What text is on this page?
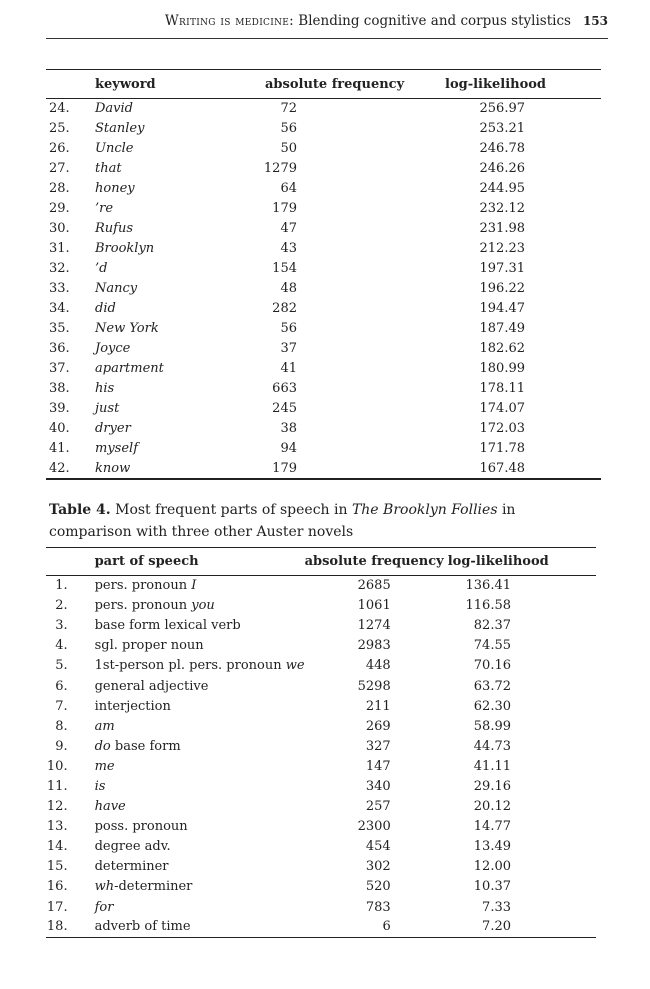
Writing is medicine: Blending cognitive and corpus stylistics 153
	keyword	absolute frequency	log-likelihood
24.	David	72	256.97
25.	Stanley	56	253.21
26.	Uncle	50	246.78
27.	that	1279	246.26
28.	honey	64	244.95
29.	’re	179	232.12
30.	Rufus	47	231.98
31.	Brooklyn	43	212.23
32.	’d	154	197.31
33.	Nancy	48	196.22
34.	did	282	194.47
35.	New York	56	187.49
36.	Joyce	37	182.62
37.	apartment	41	180.99
38.	his	663	178.11
39.	just	245	174.07
40.	dryer	38	172.03
41.	myself	94	171.78
42.	know	179	167.48
Table 4. Most frequent parts of speech in The Brooklyn Follies in comparison with three other Auster novels
	part of speech	absolute frequency	log-likelihood
1.	pers. pronoun I	2685	136.41
2.	pers. pronoun you	1061	116.58
3.	base form lexical verb	1274	82.37
4.	sgl. proper noun	2983	74.55
5.	1st-person pl. pers. pronoun we	448	70.16
6.	general adjective	5298	63.72
7.	interjection	211	62.30
8.	am	269	58.99
9.	do base form	327	44.73
10.	me	147	41.11
11.	is	340	29.16
12.	have	257	20.12
13.	poss. pronoun	2300	14.77
14.	degree adv.	454	13.49
15.	determiner	302	12.00
16.	wh-determiner	520	10.37
17.	for	783	7.33
18.	adverb of time	6	7.20
